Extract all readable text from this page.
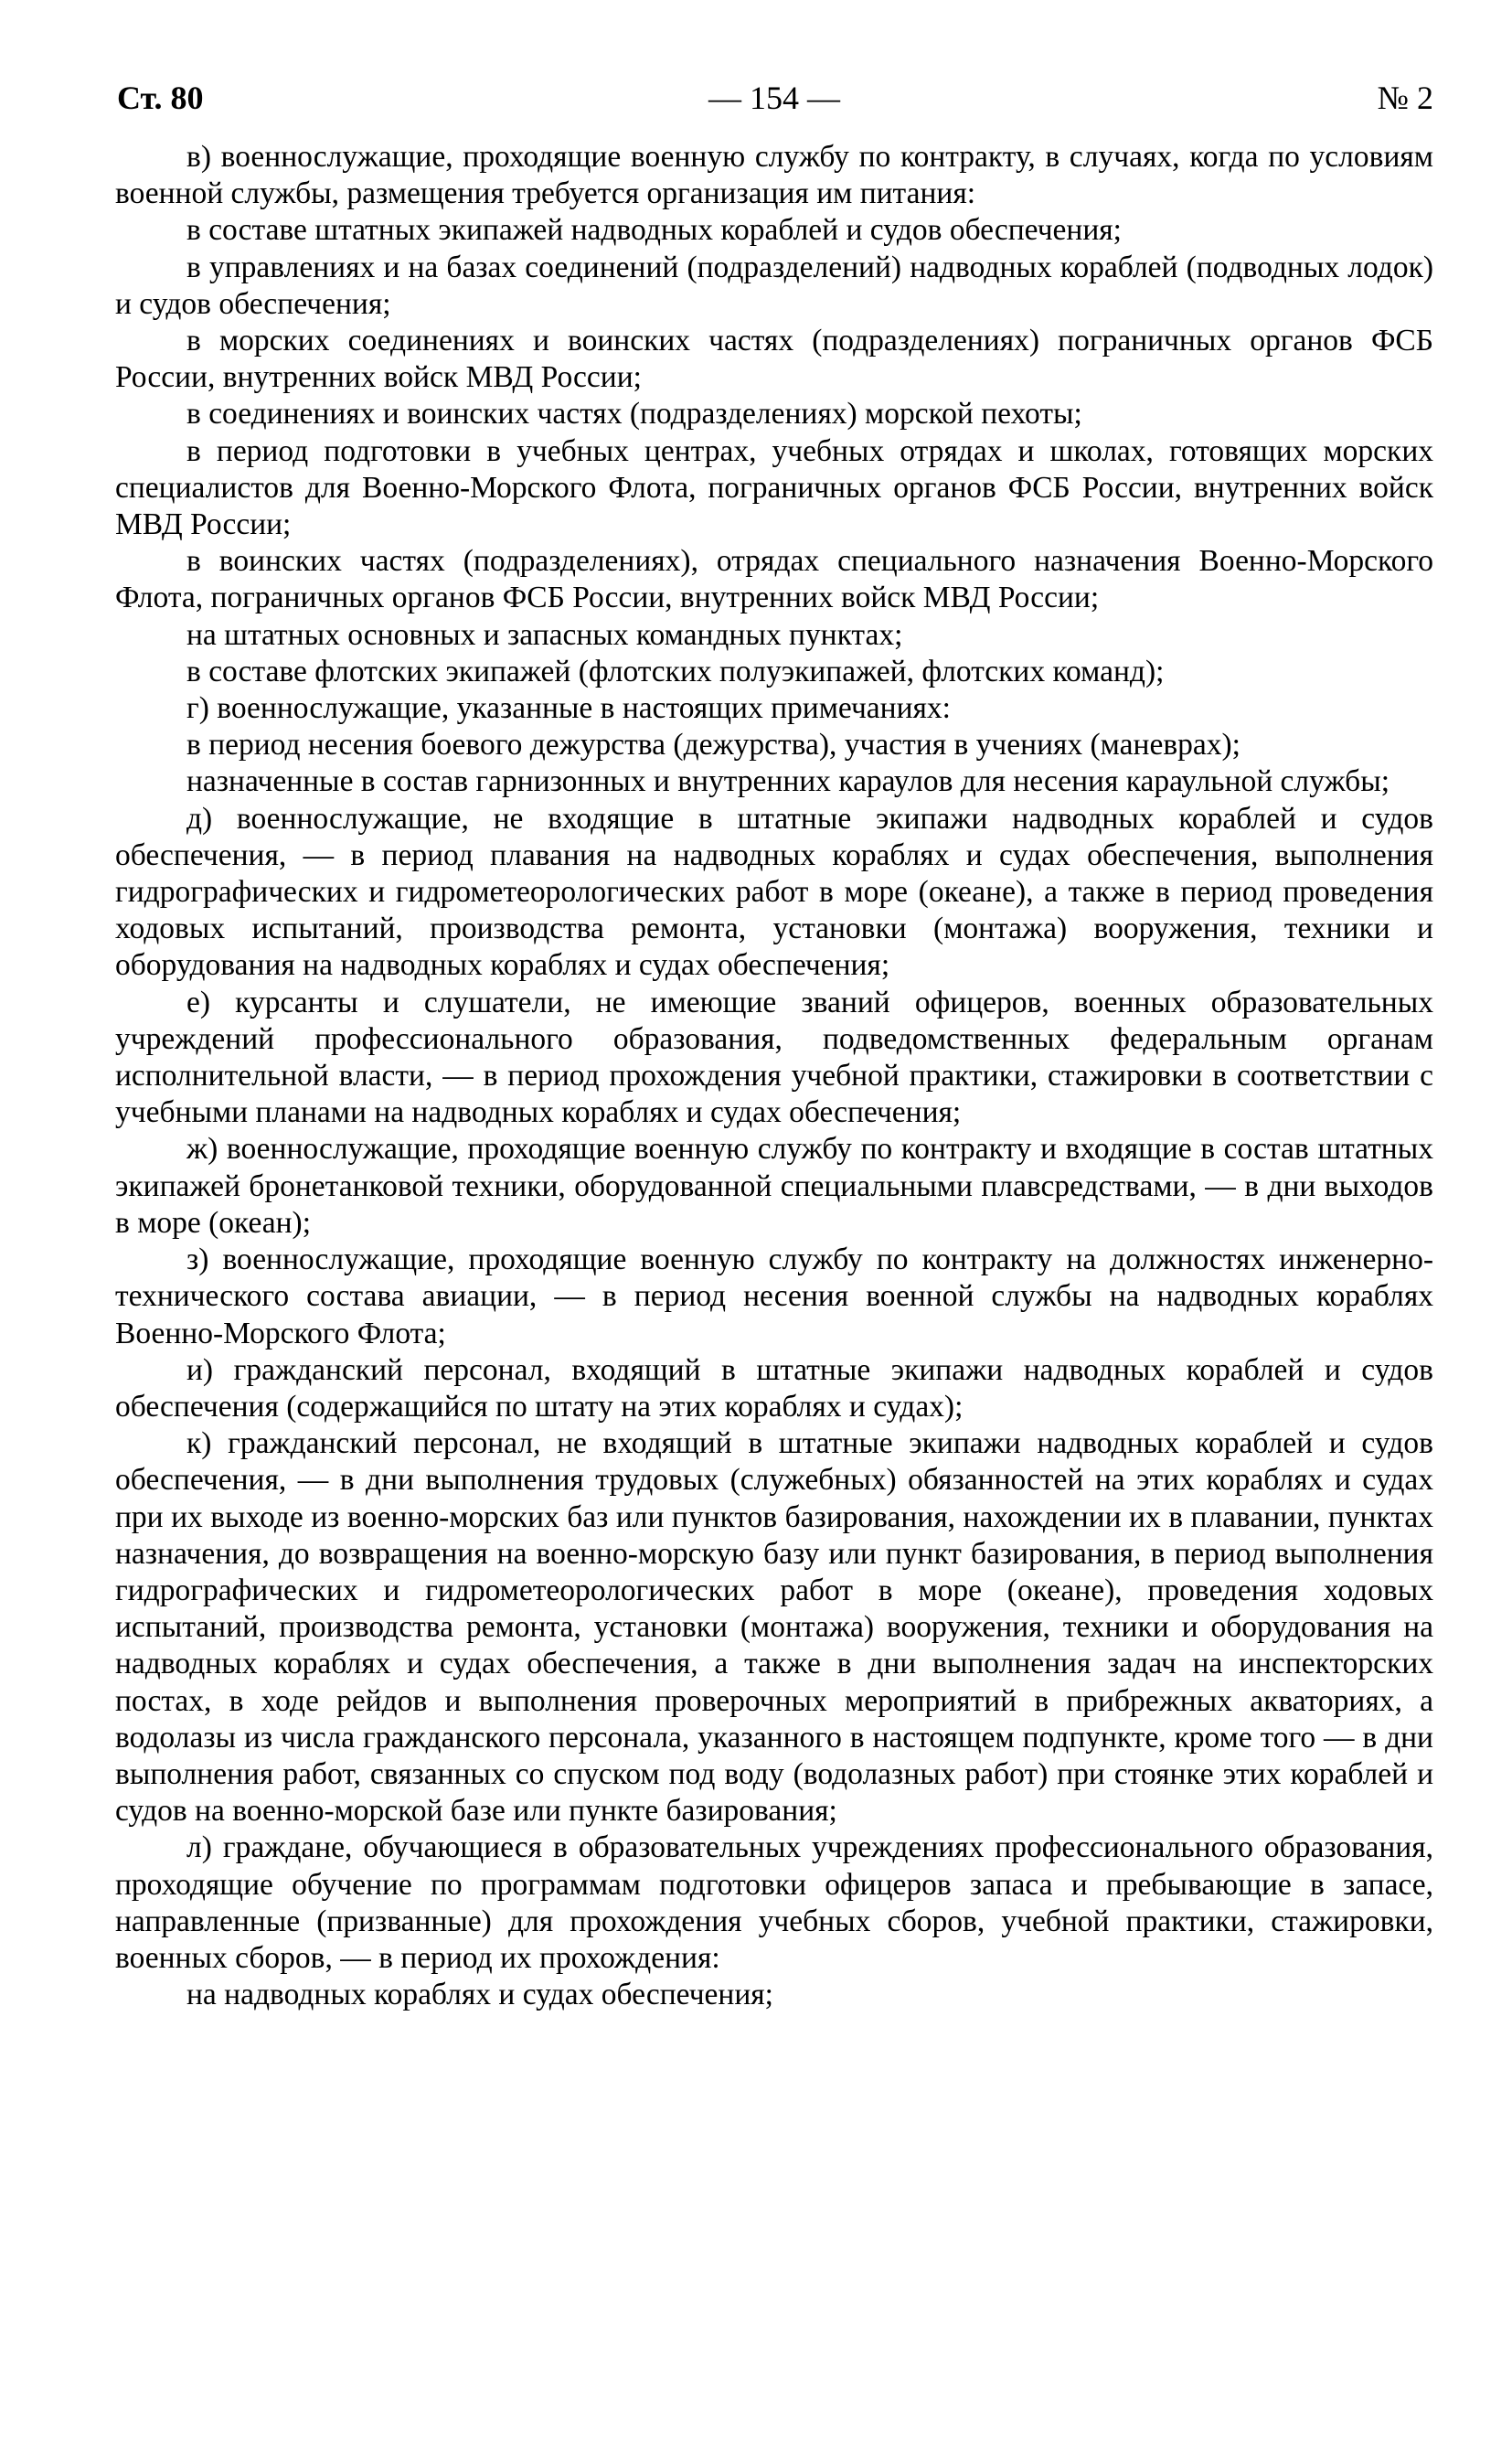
Ст. 80	— 154 —	№ 2

в) военнослужащие, проходящие военную службу по контракту, в случаях, когда по условиям военной службы, размещения требуется организация им питания:

в составе штатных экипажей надводных кораблей и судов обеспечения;

в управлениях и на базах соединений (подразделений) надводных кораблей (подводных лодок) и судов обеспечения;

в морских соединениях и воинских частях (подразделениях) пограничных органов ФСБ России, внутренних войск МВД России;

в соединениях и воинских частях (подразделениях) морской пехоты;

в период подготовки в учебных центрах, учебных отрядах и школах, готовящих морских специалистов для Военно-Морского Флота, пограничных органов ФСБ России, внутренних войск МВД России;

в воинских частях (подразделениях), отрядах специального назначения Военно-Морского Флота, пограничных органов ФСБ России, внутренних войск МВД России;

на штатных основных и запасных командных пунктах;

в составе флотских экипажей (флотских полуэкипажей, флотских команд);

г) военнослужащие, указанные в настоящих примечаниях:

в период несения боевого дежурства (дежурства), участия в учениях (маневрах);

назначенные в состав гарнизонных и внутренних караулов для несения караульной службы;

д) военнослужащие, не входящие в штатные экипажи надводных кораблей и судов обеспечения, — в период плавания на надводных кораблях и судах обеспечения, выполнения гидрографических и гидрометеорологических работ в море (океане), а также в период проведения ходовых испытаний, производства ремонта, установки (монтажа) вооружения, техники и оборудования на надводных кораблях и судах обеспечения;

е) курсанты и слушатели, не имеющие званий офицеров, военных образовательных учреждений профессионального образования, подведомственных федеральным органам исполнительной власти, — в период прохождения учебной практики, стажировки в соответствии с учебными планами на надводных кораблях и судах обеспечения;

ж) военнослужащие, проходящие военную службу по контракту и входящие в состав штатных экипажей бронетанковой техники, оборудованной специальными плавсредствами, — в дни выходов в море (океан);

з) военнослужащие, проходящие военную службу по контракту на должностях инженерно-технического состава авиации, — в период несения военной службы на надводных кораблях Военно-Морского Флота;

и) гражданский персонал, входящий в штатные экипажи надводных кораблей и судов обеспечения (содержащийся по штату на этих кораблях и судах);

к) гражданский персонал, не входящий в штатные экипажи надводных кораблей и судов обеспечения, — в дни выполнения трудовых (служебных) обязанностей на этих кораблях и судах при их выходе из военно-морских баз или пунктов базирования, нахождении их в плавании, пунктах назначения, до возвращения на военно-морскую базу или пункт базирования, в период выполнения гидрографических и гидрометеорологических работ в море (океане), проведения ходовых испытаний, производства ремонта, установки (монтажа) вооружения, техники и оборудования на надводных кораблях и судах обеспечения, а также в дни выполнения задач на инспекторских постах, в ходе рейдов и выполнения проверочных мероприятий в прибрежных акваториях, а водолазы из числа гражданского персонала, указанного в настоящем подпункте, кроме того — в дни выполнения работ, связанных со спуском под воду (водолазных работ) при стоянке этих кораблей и судов на военно-морской базе или пункте базирования;

л) граждане, обучающиеся в образовательных учреждениях профессионального образования, проходящие обучение по программам подготовки офицеров запаса и пребывающие в запасе, направленные (призванные) для прохождения учебных сборов, учебной практики, стажировки, военных сборов, — в период их прохождения:

на надводных кораблях и судах обеспечения;
